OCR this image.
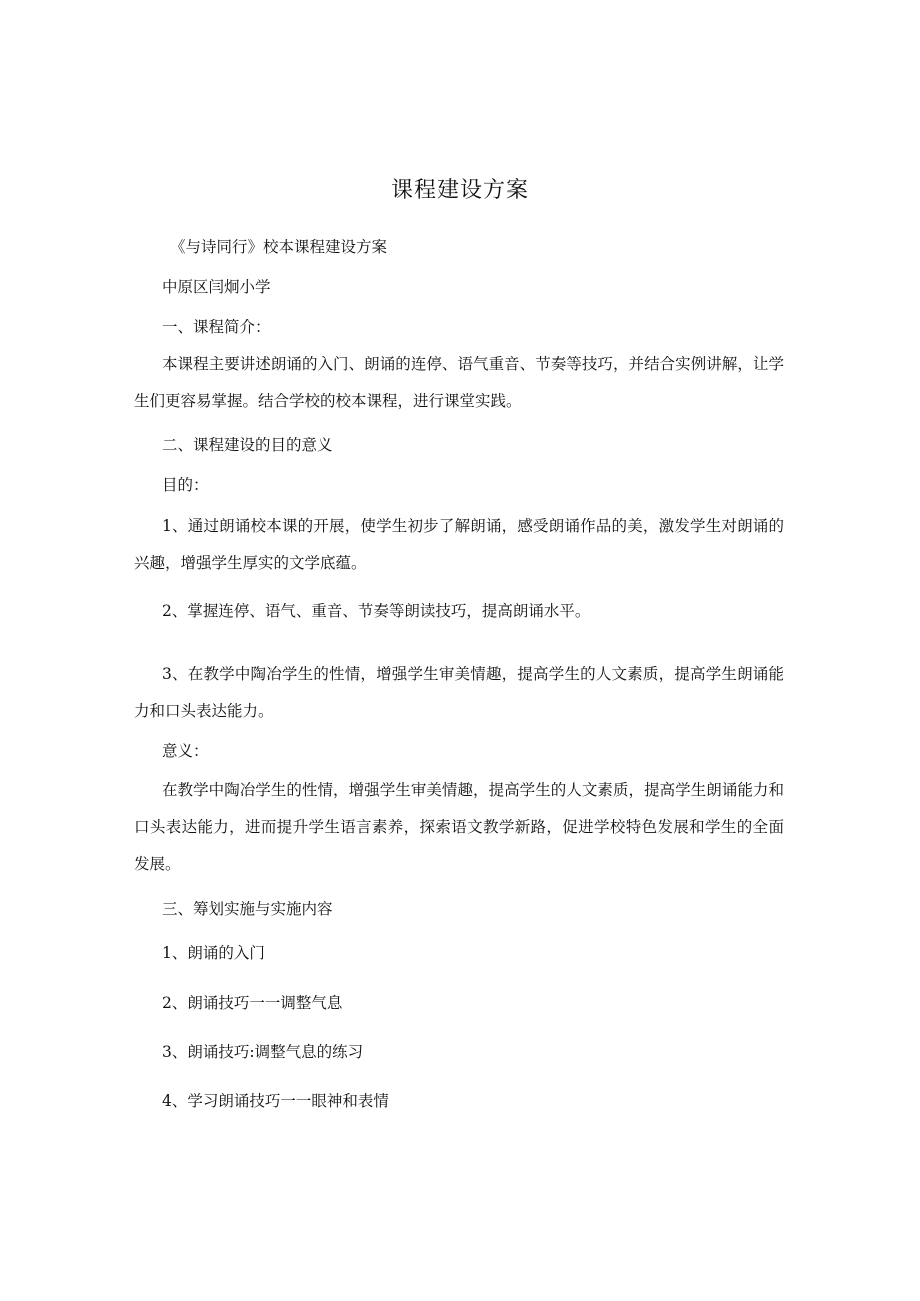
课程建设方案
《与诗同行》校本课程建设方案
中原区闫炯小学
一、课程简介：
本课程主要讲述朗诵的入门、朗诵的连停、语气重音、节奏等技巧，并结合实例讲解，让学生们更容易掌握。结合学校的校本课程，进行课堂实践。
二、课程建设的目的意义
目的：
1、通过朗诵校本课的开展，使学生初步了解朗诵，感受朗诵作品的美，激发学生对朗诵的兴趣，增强学生厚实的文学底蕴。
2、掌握连停、语气、重音、节奏等朗读技巧，提高朗诵水平。
3、在教学中陶冶学生的性情，增强学生审美情趣，提高学生的人文素质，提高学生朗诵能力和口头表达能力。
意义：
在教学中陶冶学生的性情，增强学生审美情趣，提高学生的人文素质，提高学生朗诵能力和口头表达能力，进而提升学生语言素养，探索语文教学新路，促进学校特色发展和学生的全面发展。
三、筹划实施与实施内容
1、朗诵的入门
2、朗诵技巧一一调整气息
3、朗诵技巧:调整气息的练习
4、学习朗诵技巧一一眼神和表情
